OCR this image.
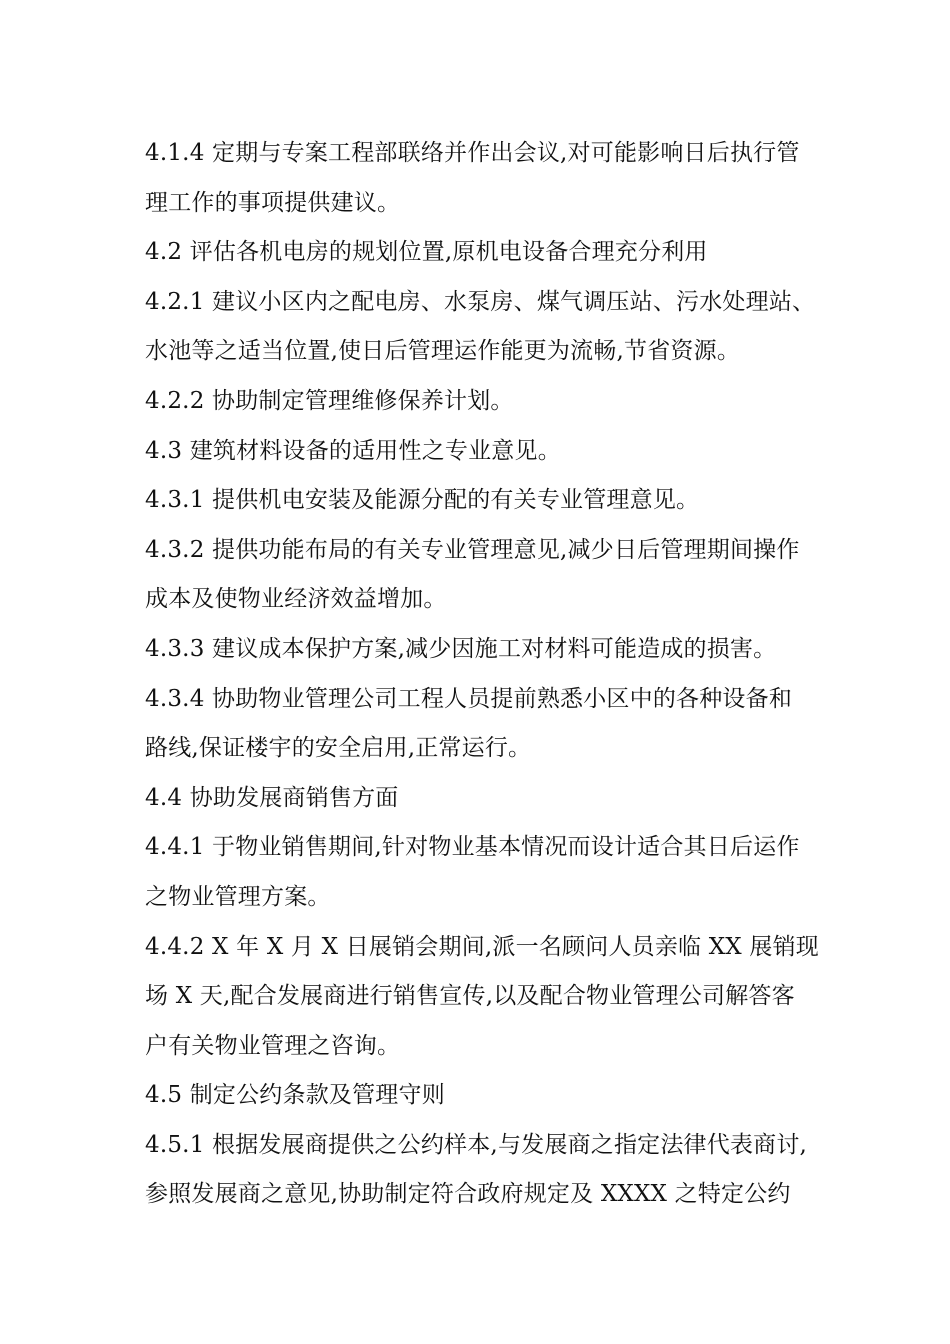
4.1.4 定期与专案工程部联络并作出会议,对可能影响日后执行管
理工作的事项提供建议。
4.2 评估各机电房的规划位置,原机电设备合理充分利用
4.2.1 建议小区内之配电房、水泵房、煤气调压站、污水处理站、
水池等之适当位置,使日后管理运作能更为流畅,节省资源。
4.2.2 协助制定管理维修保养计划。
4.3 建筑材料设备的适用性之专业意见。
4.3.1 提供机电安装及能源分配的有关专业管理意见。
4.3.2 提供功能布局的有关专业管理意见,减少日后管理期间操作
成本及使物业经济效益增加。
4.3.3 建议成本保护方案,减少因施工对材料可能造成的损害。
4.3.4 协助物业管理公司工程人员提前熟悉小区中的各种设备和
路线,保证楼宇的安全启用,正常运行。
4.4 协助发展商销售方面
4.4.1 于物业销售期间,针对物业基本情况而设计适合其日后运作
之物业管理方案。
4.4.2 X 年 X 月 X 日展销会期间,派一名顾问人员亲临 XX 展销现
场 X 天,配合发展商进行销售宣传,以及配合物业管理公司解答客
户有关物业管理之咨询。
4.5 制定公约条款及管理守则
4.5.1 根据发展商提供之公约样本,与发展商之指定法律代表商讨,
参照发展商之意见,协助制定符合政府规定及 XXXX 之特定公约
